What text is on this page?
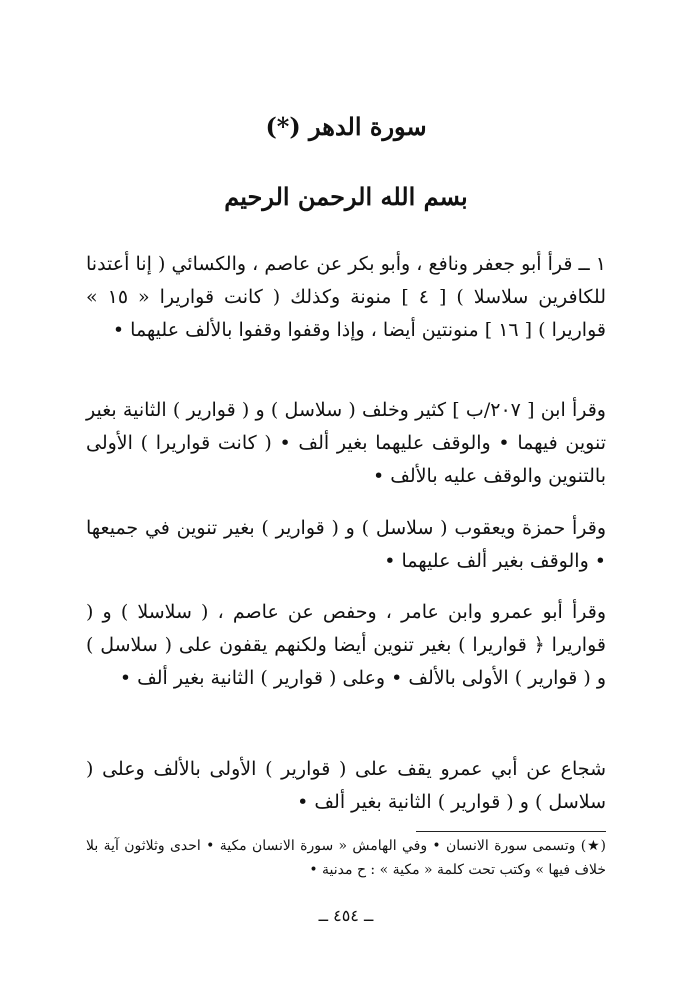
سورة الدهر (*)
بسم الله الرحمن الرحيم

١ ــ قرأ أبو جعفر ونافع ، وأبو بكر عن عاصم ، والكسائي ( إنا أعتدنا للكافرين سلاسلا ) [ ٤ ] منونة وكذلك ( كانت قواريرا « ١٥ » قواريرا ) [ ١٦ ] منونتين أيضا ، وإذا وقفوا وقفوا بالألف عليهما •

وقرأ ابن [ ٢٠٧/ب ] كثير وخلف ( سلاسل ) و ( قوارير ) الثانية بغير تنوين فيهما • والوقف عليهما بغير ألف • ( كانت قواريرا ) الأولى بالتنوين والوقف عليه بالألف •

وقرأ حمزة ويعقوب ( سلاسل ) و ( قوارير ) بغير تنوين في جميعها • والوقف بغير ألف عليهما •

وقرأ أبو عمرو وابن عامر ، وحفص عن عاصم ، ( سلاسلا ) و ( قواريرا ﴿ قواريرا ) بغير تنوين أيضا ولكنهم يقفون على ( سلاسل ) و ( قوارير ) الأولى بالألف • وعلى ( قوارير ) الثانية بغير ألف •

شجاع عن أبي عمرو يقف على ( قوارير ) الأولى بالألف وعلى ( سلاسل ) و ( قوارير ) الثانية بغير ألف •

(★) وتسمى سورة الانسان • وفي الهامش « سورة الانسان مكية • احدى وثلاثون آية بلا خلاف فيها » وكتب تحت كلمة « مكية » : ح مدنية •

ــ ٤٥٤ ــ
